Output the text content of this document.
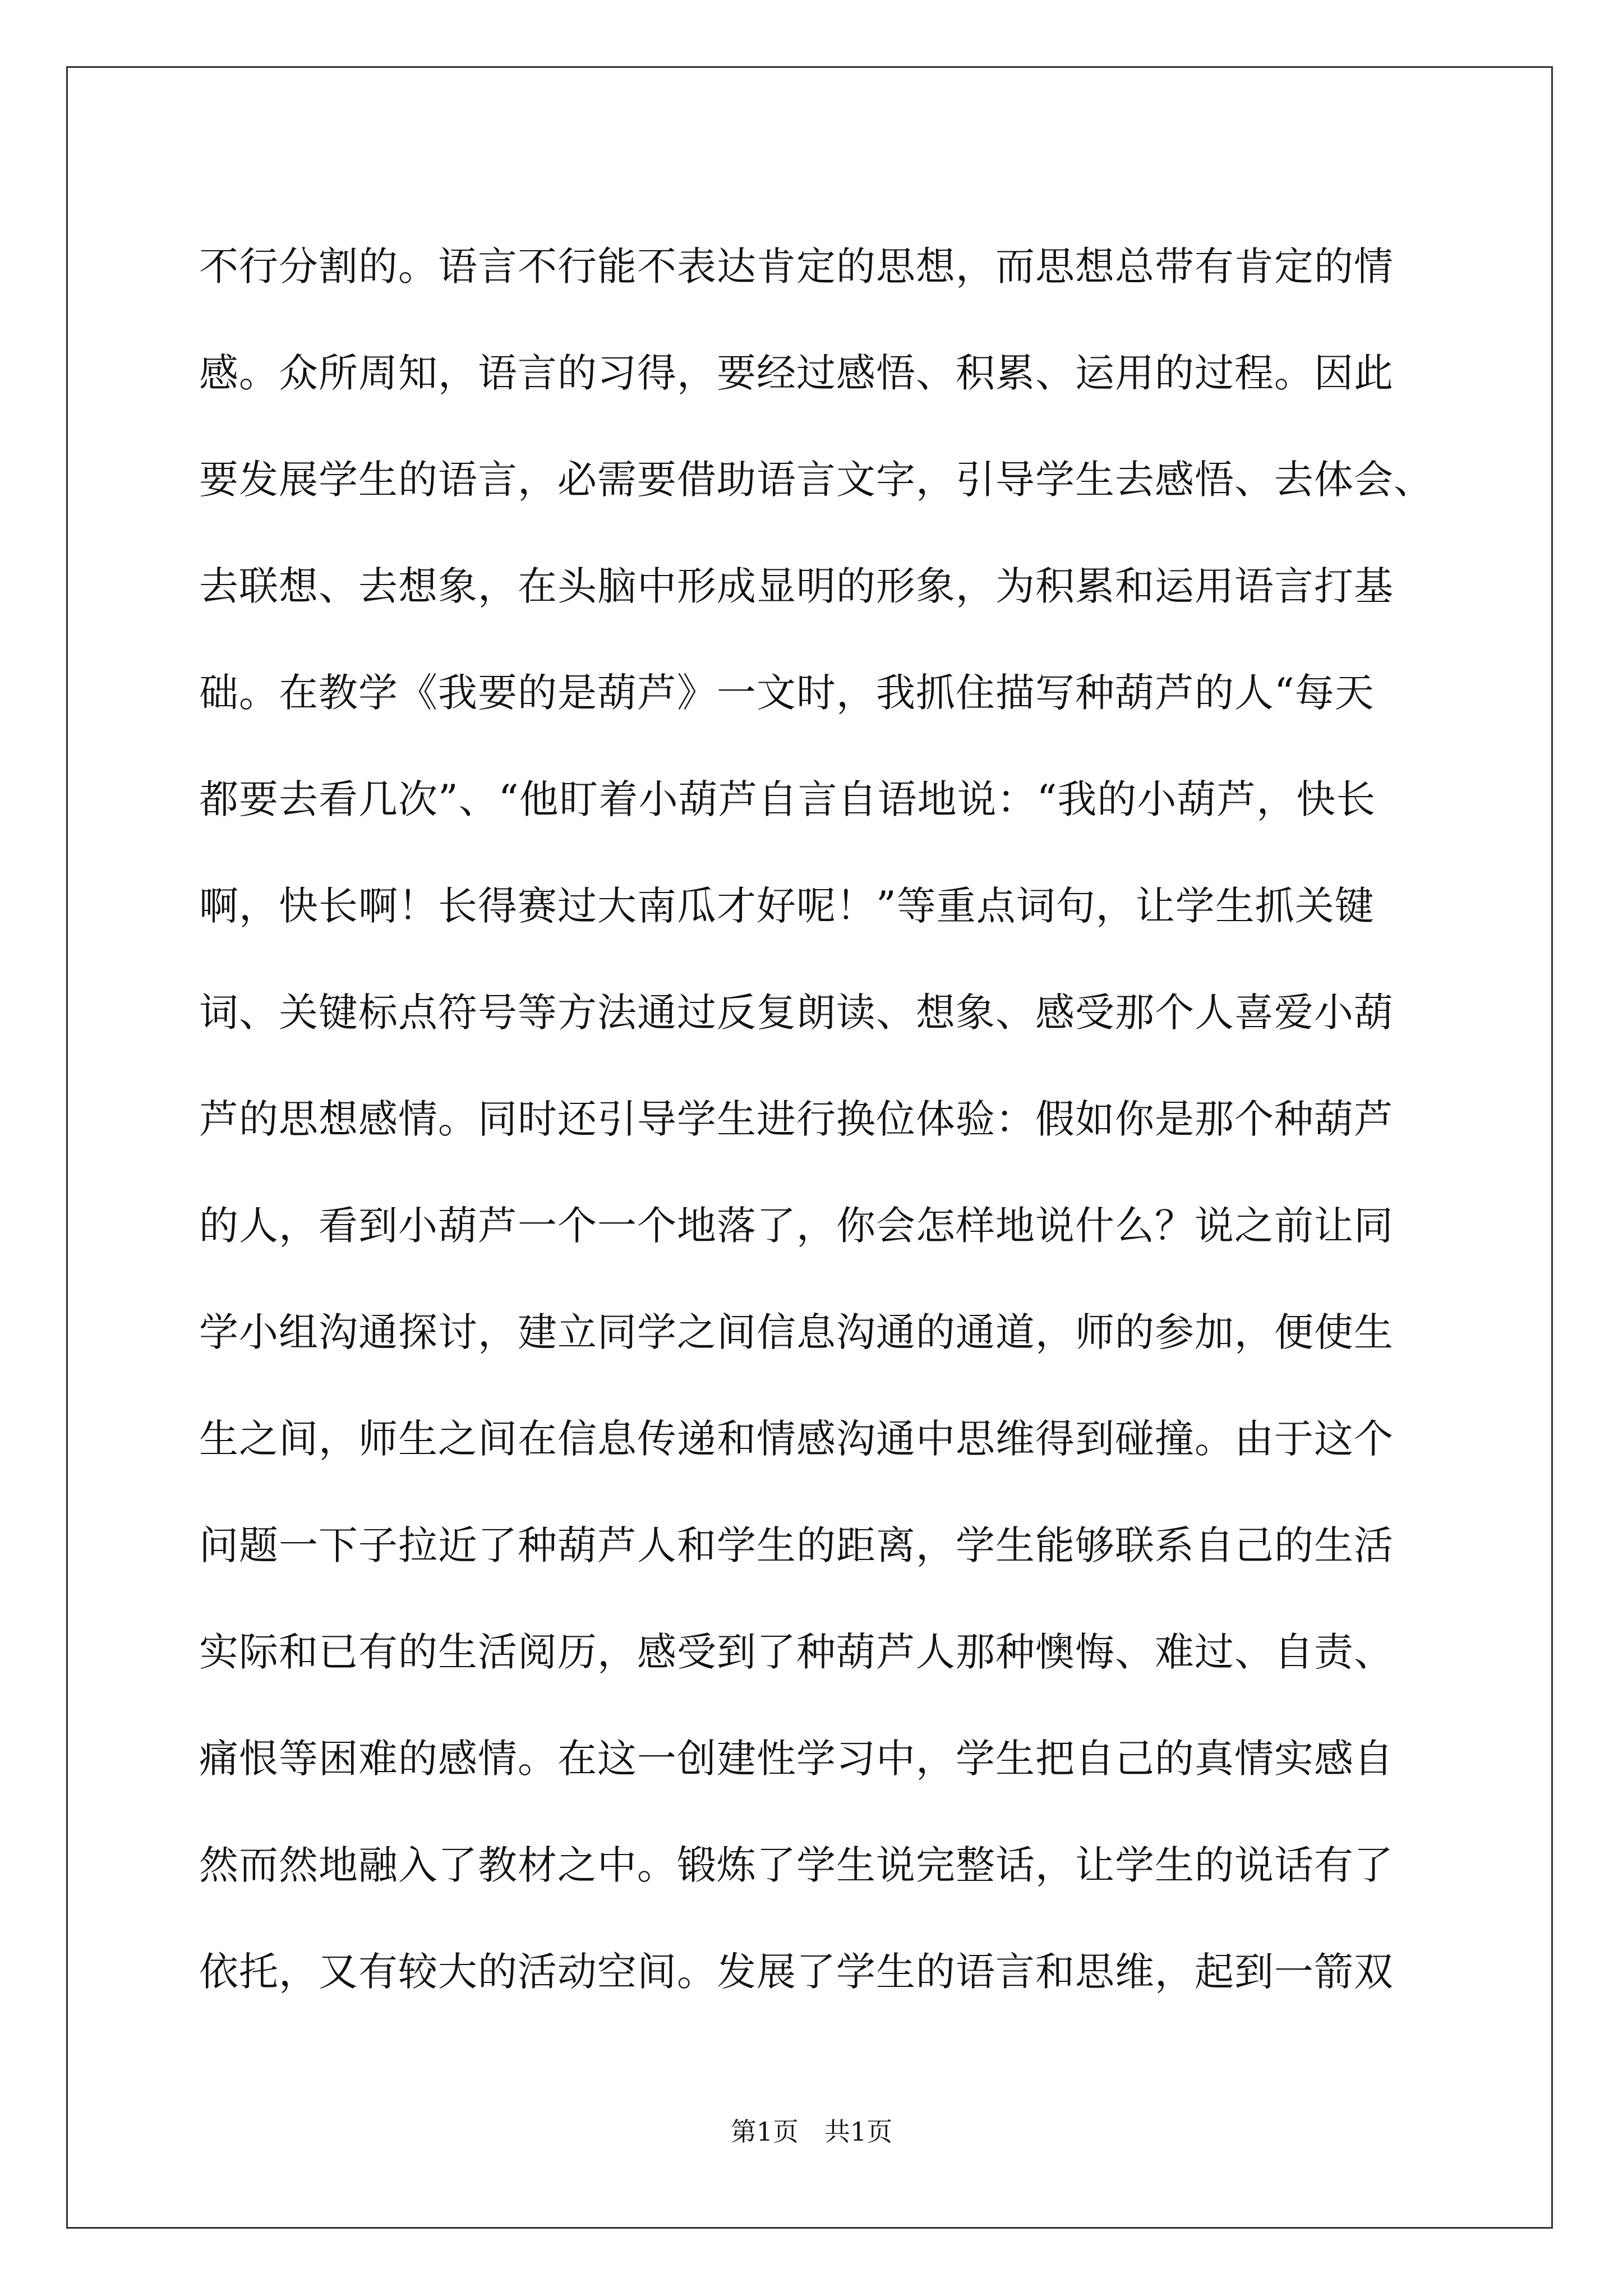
不行分割的。语言不行能不表达肯定的思想，而思想总带有肯定的情
感。众所周知，语言的习得，要经过感悟、积累、运用的过程。因此
要发展学生的语言，必需要借助语言文字，引导学生去感悟、去体会、
去联想、去想象，在头脑中形成显明的形象，为积累和运用语言打基
础。在教学《我要的是葫芦》一文时，我抓住描写种葫芦的人“每天
都要去看几次”、“他盯着小葫芦自言自语地说：“我的小葫芦，快长
啊，快长啊！长得赛过大南瓜才好呢！”等重点词句，让学生抓关键
词、关键标点符号等方法通过反复朗读、想象、感受那个人喜爱小葫
芦的思想感情。同时还引导学生进行换位体验：假如你是那个种葫芦
的人，看到小葫芦一个一个地落了，你会怎样地说什么？说之前让同
学小组沟通探讨，建立同学之间信息沟通的通道，师的参加，便使生
生之间，师生之间在信息传递和情感沟通中思维得到碰撞。由于这个
问题一下子拉近了种葫芦人和学生的距离，学生能够联系自己的生活
实际和已有的生活阅历，感受到了种葫芦人那种懊悔、难过、自责、
痛恨等困难的感情。在这一创建性学习中，学生把自己的真情实感自
然而然地融入了教材之中。锻炼了学生说完整话，让学生的说话有了
依托，又有较大的活动空间。发展了学生的语言和思维，起到一箭双
第1页　共1页
